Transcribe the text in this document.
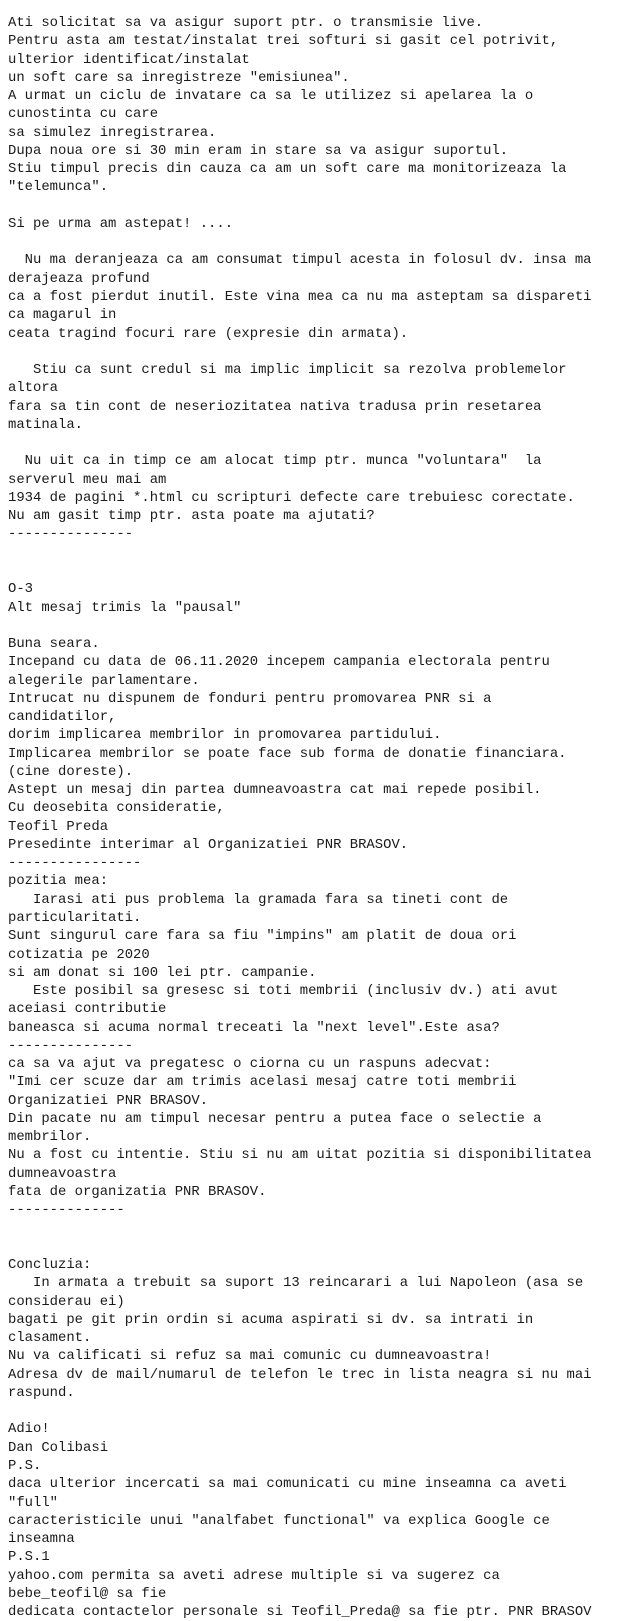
Ati solicitat sa va asigur suport ptr. o transmisie live.
Pentru asta am testat/instalat trei softuri si gasit cel potrivit,
ulterior identificat/instalat
un soft care sa inregistreze "emisiunea".
A urmat un ciclu de invatare ca sa le utilizez si apelarea la o
cunostinta cu care
sa simulez inregistrarea.
Dupa noua ore si 30 min eram in stare sa va asigur suportul.
Stiu timpul precis din cauza ca am un soft care ma monitorizeaza la
"telemunca".
Si pe urma am astepat! ....
Nu ma deranjeaza ca am consumat timpul acesta in folosul dv. insa ma
derajeaza profund
ca a fost pierdut inutil. Este vina mea ca nu ma asteptam sa dispareti
ca magarul in
ceata tragind focuri rare (expresie din armata).
Stiu ca sunt credul si ma implic implicit sa rezolva problemelor
altora
fara sa tin cont de neseriozitatea nativa tradusa prin resetarea
matinala.
Nu uit ca in timp ce am alocat timp ptr. munca "voluntara"  la
serverul meu mai am
1934 de pagini *.html cu scripturi defecte care trebuiesc corectate.
Nu am gasit timp ptr. asta poate ma ajutati?
---------------
O-3
Alt mesaj trimis la "pausal"
Buna seara.
Incepand cu data de 06.11.2020 incepem campania electorala pentru
alegerile parlamentare.
Intrucat nu dispunem de fonduri pentru promovarea PNR si a
candidatilor,
dorim implicarea membrilor in promovarea partidului.
Implicarea membrilor se poate face sub forma de donatie financiara.
(cine doreste).
Astept un mesaj din partea dumneavoastra cat mai repede posibil.
Cu deosebita consideratie,
Teofil Preda
Presedinte interimar al Organizatiei PNR BRASOV.
----------------
pozitia mea:
Iarasi ati pus problema la gramada fara sa tineti cont de
particularitati.
Sunt singurul care fara sa fiu "impins" am platit de doua ori
cotizatia pe 2020
si am donat si 100 lei ptr. campanie.
Este posibil sa gresesc si toti membrii (inclusiv dv.) ati avut
aceiasi contributie
baneasca si acuma normal treceati la "next level".Este asa?
---------------
ca sa va ajut va pregatesc o ciorna cu un raspuns adecvat:
"Imi cer scuze dar am trimis acelasi mesaj catre toti membrii
Organizatiei PNR BRASOV.
Din pacate nu am timpul necesar pentru a putea face o selectie a
membrilor.
Nu a fost cu intentie. Stiu si nu am uitat pozitia si disponibilitatea
dumneavoastra
fata de organizatia PNR BRASOV.
--------------
Concluzia:
In armata a trebuit sa suport 13 reincarari a lui Napoleon (asa se
considerau ei)
bagati pe git prin ordin si acuma aspirati si dv. sa intrati in
clasament.
Nu va calificati si refuz sa mai comunic cu dumneavoastra!
Adresa dv de mail/numarul de telefon le trec in lista neagra si nu mai
raspund.
Adio!
Dan Colibasi
P.S.
daca ulterior incercati sa mai comunicati cu mine inseamna ca aveti
"full"
caracteristicile unui "analfabet functional" va explica Google ce
inseamna
P.S.1
yahoo.com permita sa aveti adrese multiple si va sugerez ca
bebe_teofil@ sa fie
dedicata contactelor personale si Teofil_Preda@ sa fie ptr. PNR BRASOV
